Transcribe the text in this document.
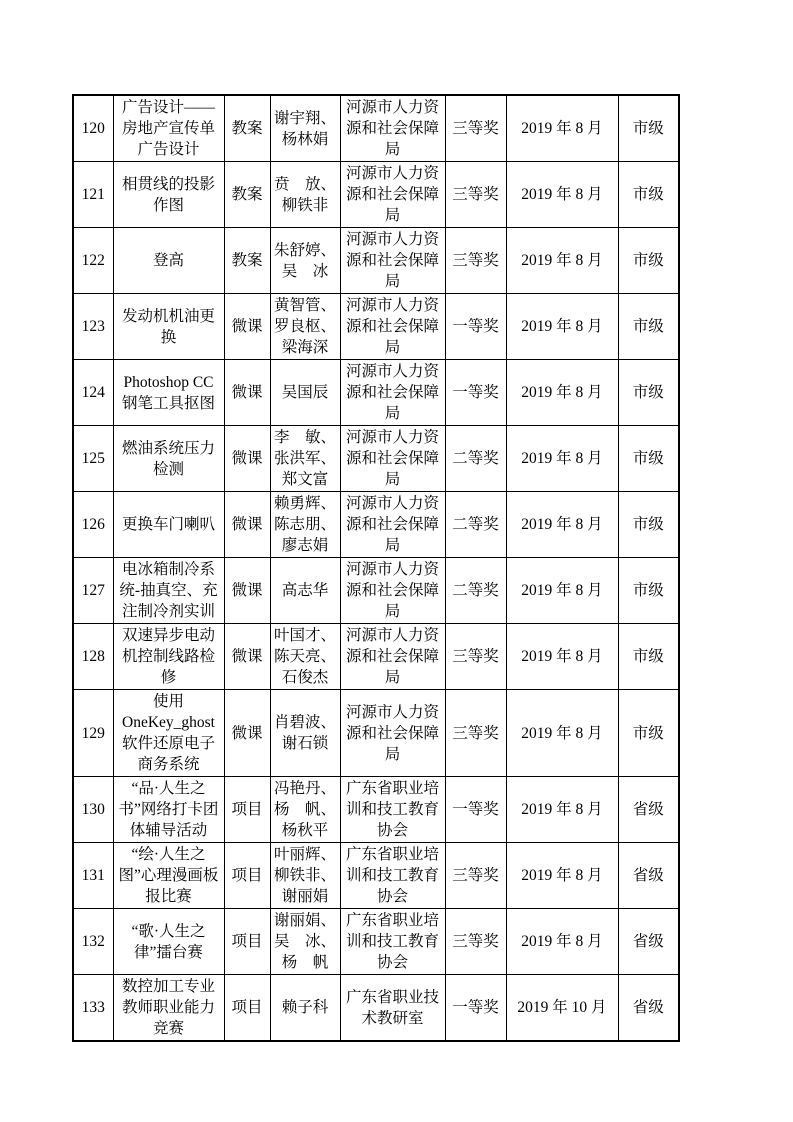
120	广告设计——房地产宣传单广告设计	教案	谢宇翔、杨林娟	河源市人力资源和社会保障局	三等奖	2019 年 8 月	市级
121	相贯线的投影作图	教案	贲　放、柳铁非	河源市人力资源和社会保障局	三等奖	2019 年 8 月	市级
122	登高	教案	朱舒婷、吴　冰	河源市人力资源和社会保障局	三等奖	2019 年 8 月	市级
123	发动机机油更换	微课	黄智管、罗良枢、梁海深	河源市人力资源和社会保障局	一等奖	2019 年 8 月	市级
124	Photoshop CC 钢笔工具抠图	微课	吴国辰	河源市人力资源和社会保障局	一等奖	2019 年 8 月	市级
125	燃油系统压力检测	微课	李　敏、张洪军、郑文富	河源市人力资源和社会保障局	二等奖	2019 年 8 月	市级
126	更换车门喇叭	微课	赖勇辉、陈志朋、廖志娟	河源市人力资源和社会保障局	二等奖	2019 年 8 月	市级
127	电冰箱制冷系统-抽真空、充注制冷剂实训	微课	高志华	河源市人力资源和社会保障局	二等奖	2019 年 8 月	市级
128	双速异步电动机控制线路检修	微课	叶国才、陈天亮、石俊杰	河源市人力资源和社会保障局	三等奖	2019 年 8 月	市级
129	使用 OneKey_ghost 软件还原电子商务系统	微课	肖碧波、谢石锁	河源市人力资源和社会保障局	三等奖	2019 年 8 月	市级
130	“品·人生之书”网络打卡团体辅导活动	项目	冯艳丹、杨　帆、杨秋平	广东省职业培训和技工教育协会	一等奖	2019 年 8 月	省级
131	“绘·人生之图”心理漫画板报比赛	项目	叶丽辉、柳铁非、谢丽娟	广东省职业培训和技工教育协会	三等奖	2019 年 8 月	省级
132	“歌·人生之律”擂台赛	项目	谢丽娟、吴　冰、杨　帆	广东省职业培训和技工教育协会	三等奖	2019 年 8 月	省级
133	数控加工专业教师职业能力竞赛	项目	赖子科	广东省职业技术教研室	一等奖	2019 年 10 月	省级
